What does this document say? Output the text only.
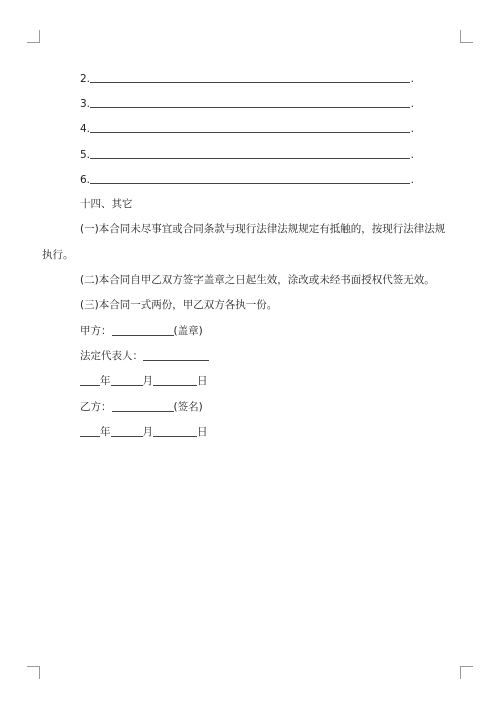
2.	.
3.	.
4.	.
5.	.
6.	.
十四、其它
(一)本合同未尽事宜或合同条款与现行法律法规规定有抵触的，按现行法律法规
执行。
(二)本合同自甲乙双方签字盖章之日起生效，涂改或未经书面授权代签无效。
(三)本合同一式两份，甲乙双方各执一份。
甲方：	(盖章)
法定代表人：
年	月	日
乙方：	(签名)
年	月	日
